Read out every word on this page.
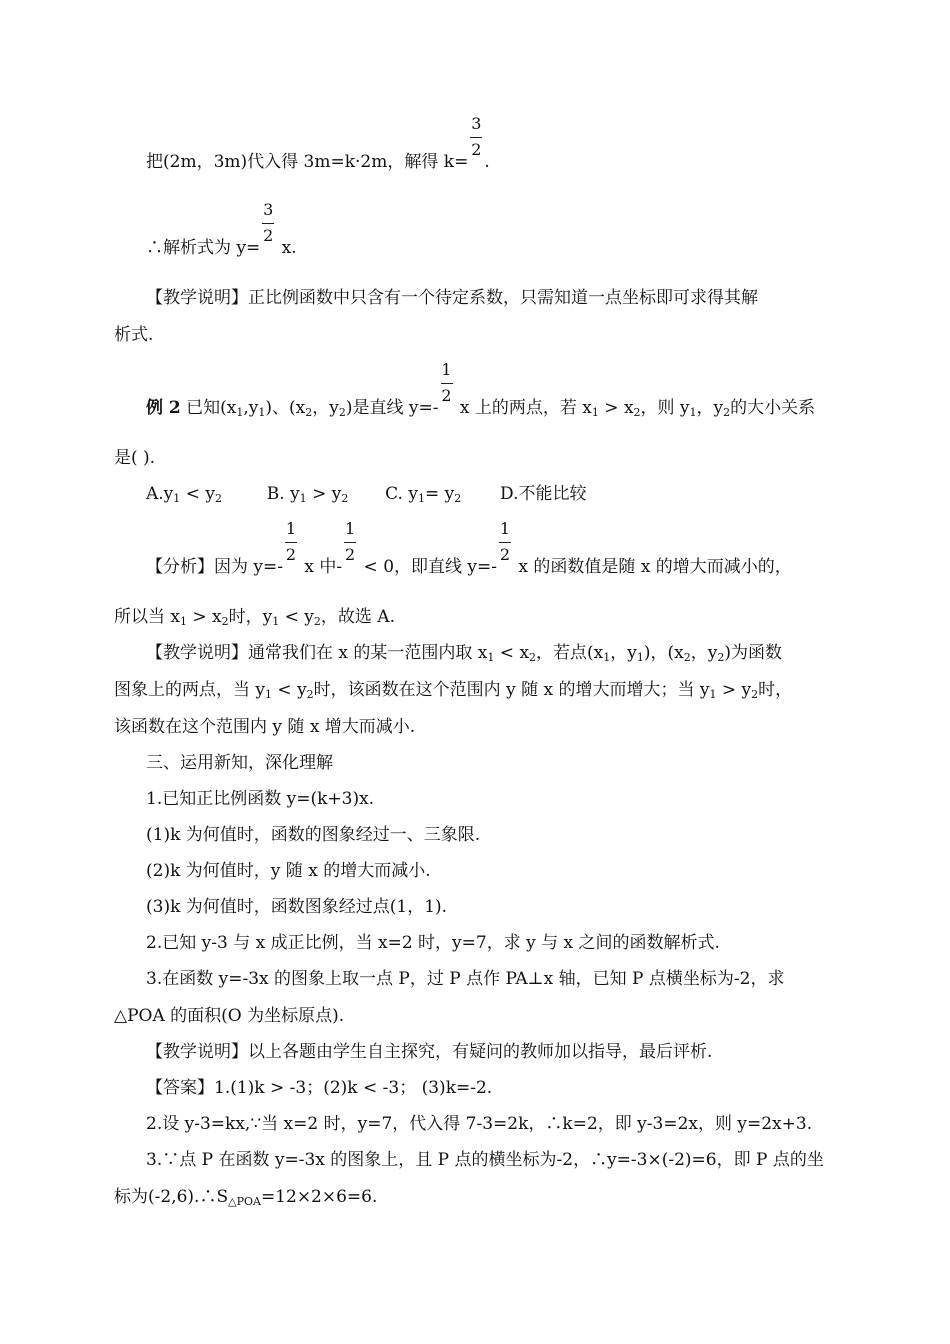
把(2m，3m)代入得 3m=k·2m，解得 $k= \frac{3}{2}$ .
∴解析式为 $y= \frac{3}{2} x$.
【教学说明】正比例函数中只含有一个待定系数，只需知道一点坐标即可求得其解
析式.
例 2 已知$(x_1,y_1)$、($x_2$，$y_2$)是直线 $y=- \frac{1}{2}$ x 上的两点，若 $x_1 > x_2$，则 $y_1$，$y_2$的大小关系
是( ).
$A.y_1 < y_2$	B. $y_1 > y_2$ C. $y_1= y_2$ D.不能比较
【分析】因为 $y=- \frac{1}{2}$ x 中- $\frac{1}{2} < 0$，即直线 $y=- \frac{1}{2}$ x 的函数值是随 x 的增大而减小的，
所以当 $x_1 > x_2$时，$y_1 < y_2$，故选 A.
【教学说明】通常我们在 x 的某一范围内取 $x_1 < x_2$，若点($x_1$，$y_1$)，($x_2$，$y_2$)为函数
图象上的两点，当 $y_1 < y_2$时，该函数在这个范围内 y 随 x 的增大而增大；当 $y_1 > y_2$时，
该函数在这个范围内 y 随 x 增大而减小.
三、运用新知，深化理解
1.已知正比例函数 y=(k+3)x.
(1)k 为何值时，函数的图象经过一、三象限.
(2)k 为何值时，y 随 x 的增大而减小.
(3)k 为何值时，函数图象经过点(1，1).
2.已知 y-3 与 x 成正比例，当 x=2 时，y=7，求 y 与 x 之间的函数解析式.
3.在函数 y=-3x 的图象上取一点 P，过 P 点作 PA⊥x 轴，已知 P 点横坐标为-2，求
△POA 的面积(O 为坐标原点).
【教学说明】以上各题由学生自主探究，有疑问的教师加以指导，最后评析.
【答案】1.(1)k > -3；(2)k < -3； (3)k=-2.
2.设 y-3=kx,∵当 x=2 时，y=7，代入得 7-3=2k，∴k=2，即 y-3=2x，则 y=2x+3.
3.∵点 P 在函数 y=-3x 的图象上，且 P 点的横坐标为-2，∴y=-3×(-2)=6，即 P 点的坐
标为$(-2,6).\therefore S_{\triangle POA}=12\times 2\times 6=6$.
